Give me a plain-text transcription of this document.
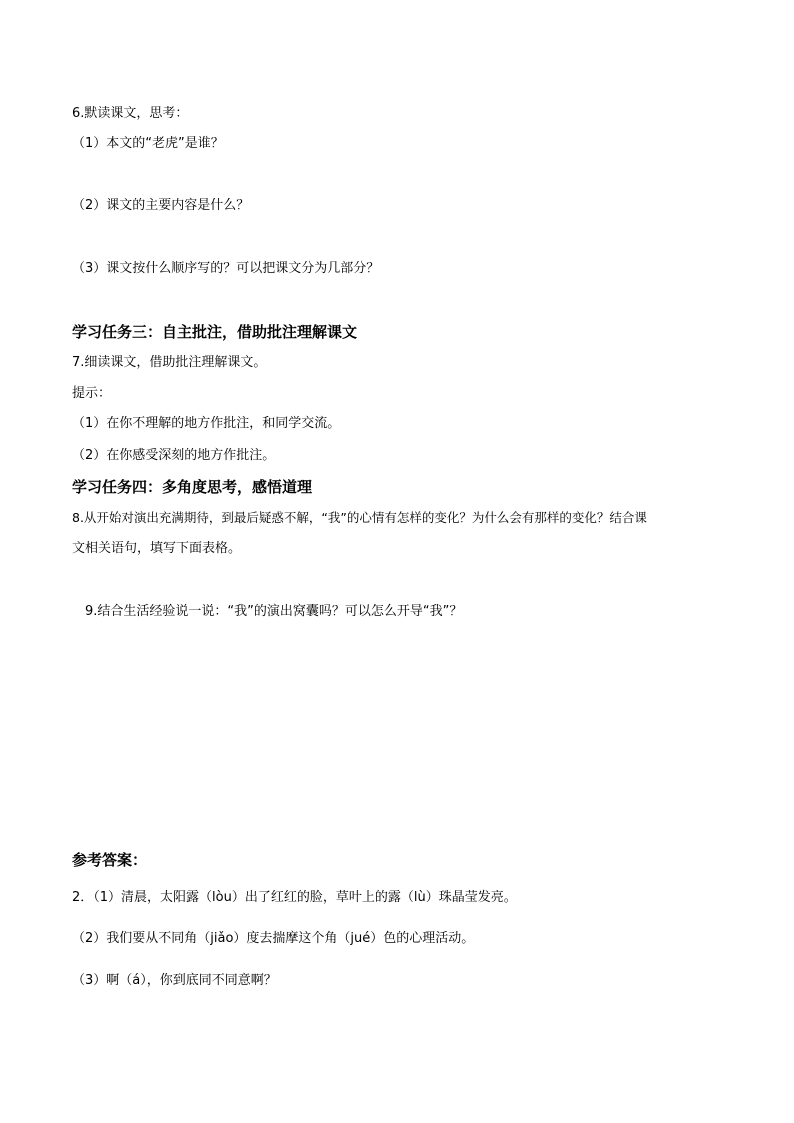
6.默读课文，思考：
（1）本文的“老虎”是谁？
（2）课文的主要内容是什么？
（3）课文按什么顺序写的？可以把课文分为几部分？
学习任务三：自主批注，借助批注理解课文
7.细读课文，借助批注理解课文。
提示：
（1）在你不理解的地方作批注，和同学交流。
（2）在你感受深刻的地方作批注。
学习任务四：多角度思考，感悟道理
8.从开始对演出充满期待，到最后疑惑不解，“我”的心情有怎样的变化？为什么会有那样的变化？结合课
文相关语句，填写下面表格。
9.结合生活经验说一说：“我”的演出窝囊吗？可以怎么开导“我”？
参考答案：
2．（1）清晨，太阳露（lòu）出了红红的脸，草叶上的露（lù）珠晶莹发亮。
（2）我们要从不同角（jiǎo）度去揣摩这个角（jué）色的心理活动。
（3）啊（á），你到底同不同意啊？
